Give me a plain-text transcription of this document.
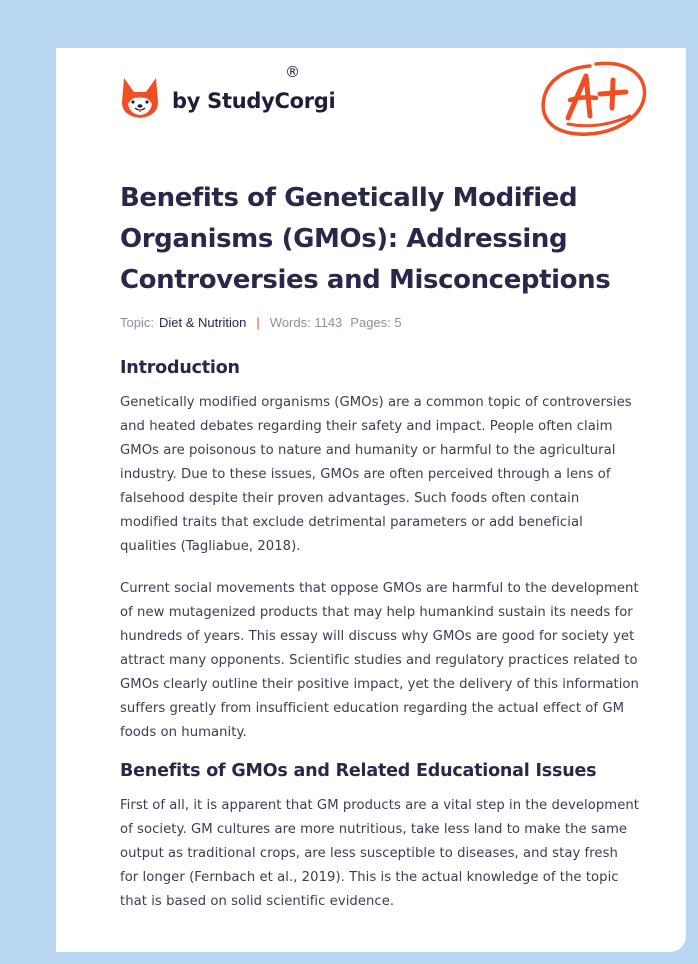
by StudyCorgi
®
Benefits of Genetically Modified Organisms (GMOs): Addressing Controversies and Misconceptions
Topic: Diet & Nutrition | Words: 1143 Pages: 5
Introduction

Genetically modified organisms (GMOs) are a common topic of controversies and heated debates regarding their safety and impact. People often claim GMOs are poisonous to nature and humanity or harmful to the agricultural industry. Due to these issues, GMOs are often perceived through a lens of falsehood despite their proven advantages. Such foods often contain modified traits that exclude detrimental parameters or add beneficial qualities (Tagliabue, 2018).

Current social movements that oppose GMOs are harmful to the development of new mutagenized products that may help humankind sustain its needs for hundreds of years. This essay will discuss why GMOs are good for society yet attract many opponents. Scientific studies and regulatory practices related to GMOs clearly outline their positive impact, yet the delivery of this information suffers greatly from insufficient education regarding the actual effect of GM foods on humanity.

Benefits of GMOs and Related Educational Issues

First of all, it is apparent that GM products are a vital step in the development of society. GM cultures are more nutritious, take less land to make the same output as traditional crops, are less susceptible to diseases, and stay fresh for longer (Fernbach et al., 2019). This is the actual knowledge of the topic that is based on solid scientific evidence.
